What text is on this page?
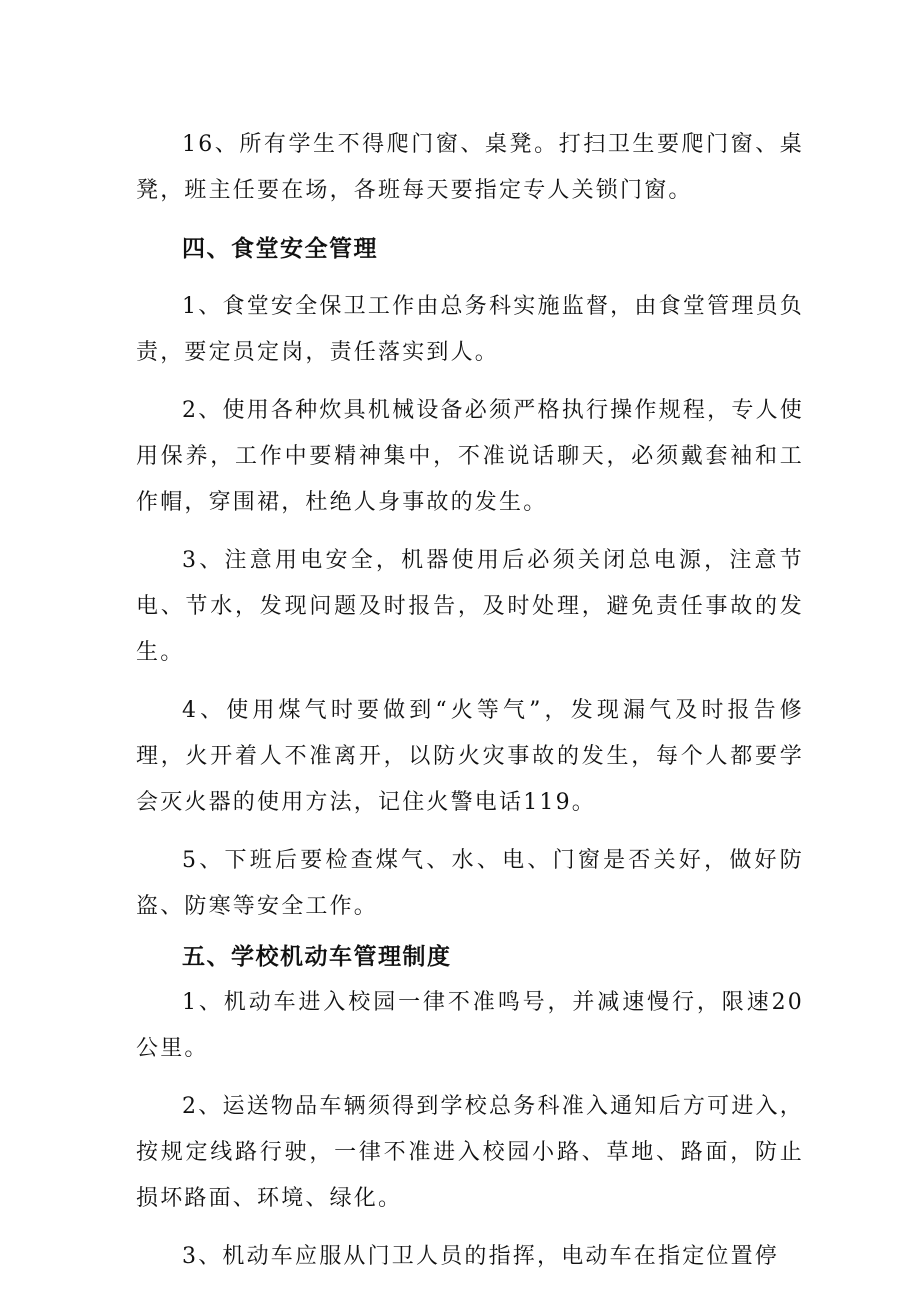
16、所有学生不得爬门窗、桌凳。打扫卫生要爬门窗、桌凳，班主任要在场，各班每天要指定专人关锁门窗。

四、食堂安全管理

1、食堂安全保卫工作由总务科实施监督，由食堂管理员负责，要定员定岗，责任落实到人。

2、使用各种炊具机械设备必须严格执行操作规程，专人使用保养，工作中要精神集中，不准说话聊天，必须戴套袖和工作帽，穿围裙，杜绝人身事故的发生。

3、注意用电安全，机器使用后必须关闭总电源，注意节电、节水，发现问题及时报告，及时处理，避免责任事故的发生。

4、使用煤气时要做到“火等气”，发现漏气及时报告修理，火开着人不准离开，以防火灾事故的发生，每个人都要学会灭火器的使用方法，记住火警电话119。

5、下班后要检查煤气、水、电、门窗是否关好，做好防盗、防寒等安全工作。

五、学校机动车管理制度

1、机动车进入校园一律不准鸣号，并减速慢行，限速20公里。

2、运送物品车辆须得到学校总务科准入通知后方可进入，按规定线路行驶，一律不准进入校园小路、草地、路面，防止损坏路面、环境、绿化。

3、机动车应服从门卫人员的指挥，电动车在指定位置停
